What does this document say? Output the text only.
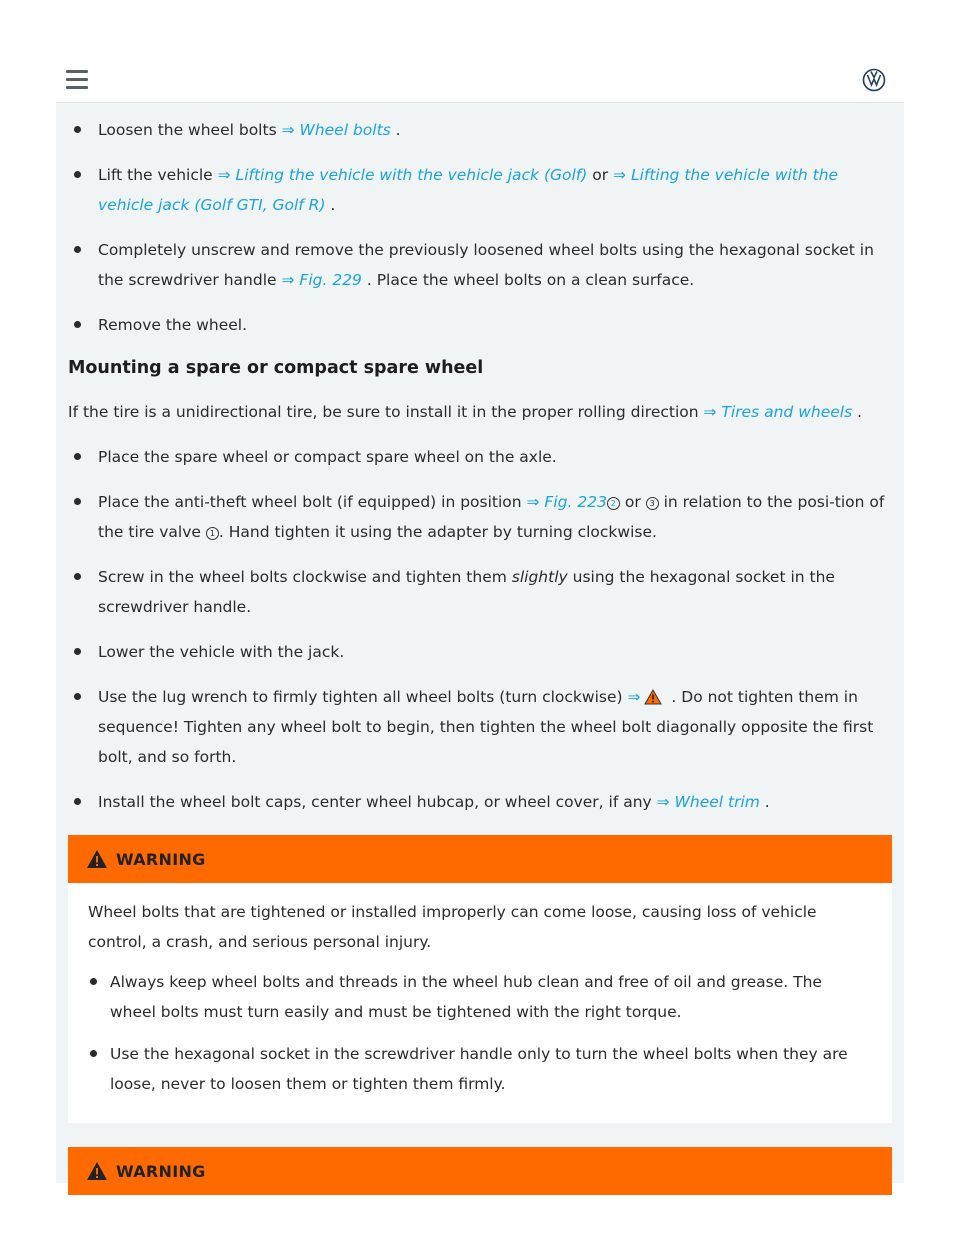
Loosen the wheel bolts ⇒ Wheel bolts .
Lift the vehicle ⇒ Lifting the vehicle with the vehicle jack (Golf) or ⇒ Lifting the vehicle with the vehicle jack (Golf GTI, Golf R) .
Completely unscrew and remove the previously loosened wheel bolts using the hexagonal socket in the screwdriver handle ⇒ Fig. 229 . Place the wheel bolts on a clean surface.
Remove the wheel.
Mounting a spare or compact spare wheel

If the tire is a unidirectional tire, be sure to install it in the proper rolling direction ⇒ Tires and wheels .

Place the spare wheel or compact spare wheel on the axle.
Place the anti-theft wheel bolt (if equipped) in position ⇒ Fig. 223 2 or 3 in relation to the posi-tion of the tire valve 1 . Hand tighten it using the adapter by turning clockwise.
Screw in the wheel bolts clockwise and tighten them slightly using the hexagonal socket in the screwdriver handle.
Lower the vehicle with the jack.
Use the lug wrench to firmly tighten all wheel bolts (turn clockwise) ⇒ . Do not tighten them in sequence! Tighten any wheel bolt to begin, then tighten the wheel bolt diagonally opposite the first bolt, and so forth.
Install the wheel bolt caps, center wheel hubcap, or wheel cover, if any ⇒ Wheel trim .
WARNING

Wheel bolts that are tightened or installed improperly can come loose, causing loss of vehicle control, a crash, and serious personal injury.

Always keep wheel bolts and threads in the wheel hub clean and free of oil and grease. The wheel bolts must turn easily and must be tightened with the right torque.
Use the hexagonal socket in the screwdriver handle only to turn the wheel bolts when they are loose, never to loosen them or tighten them firmly.
WARNING
